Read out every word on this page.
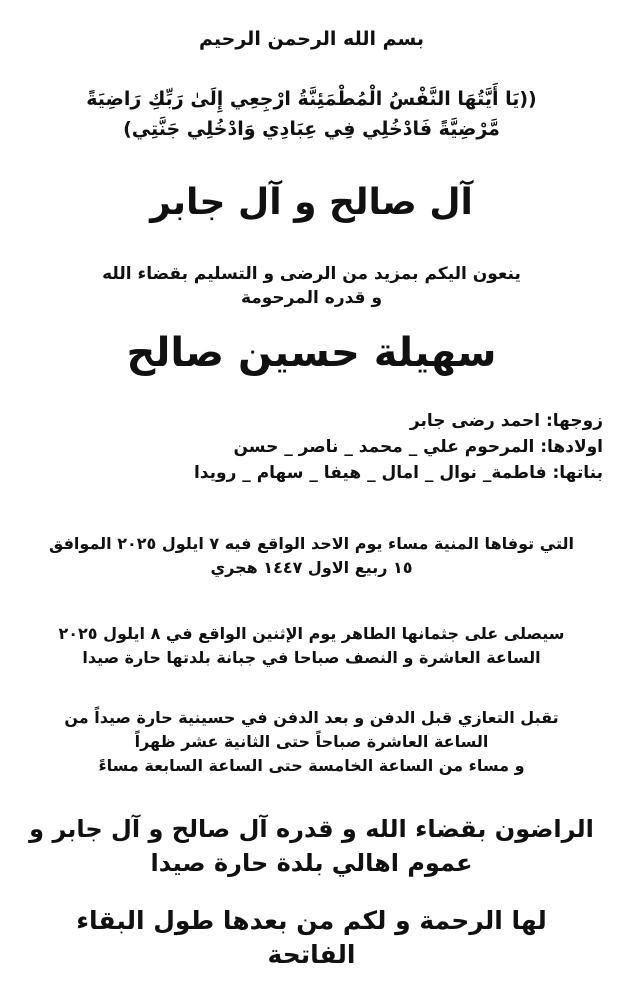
بسم الله الرحمن الرحيم

((يَا أَيَّتُهَا النَّفْسُ الْمُطْمَئِنَّةُ ارْجِعِي إِلَىٰ رَبِّكِ رَاضِيَةً
مَّرْضِيَّةً فَادْخُلِي فِي عِبَادِي وَادْخُلِي جَنَّتِي)

آل صالح و آل جابر

ينعون اليكم بمزيد من الرضى و التسليم بقضاء الله
و قدره المرحومة

سهيلة حسين صالح

زوجها: احمد رضى جابر
اولادها: المرحوم علي _ محمد _ ناصر _ حسن
بناتها: فاطمة_ نوال _ امال _ هيفا _ سهام _ رويدا

التي توفاها المنية مساء يوم الاحد الواقع فيه ٧ ايلول ٢٠٢٥ الموافق
١٥ ربيع الاول ١٤٤٧ هجري

سيصلى على جثمانها الطاهر يوم الإثنين الواقع في ٨ ايلول ٢٠٢٥
الساعة العاشرة و النصف صباحا في جبانة بلدتها حارة صيدا

تقبل التعازي قبل الدفن و بعد الدفن في حسينية حارة صيداً من
الساعة العاشرة صباحاً حتى الثانية عشر ظهراً
و مساء من الساعة الخامسة حتى الساعة السابعة مساءً

الراضون بقضاء الله و قدره آل صالح و آل جابر و
عموم اهالي بلدة حارة صيدا

لها الرحمة و لكم من بعدها طول البقاء
الفاتحة
